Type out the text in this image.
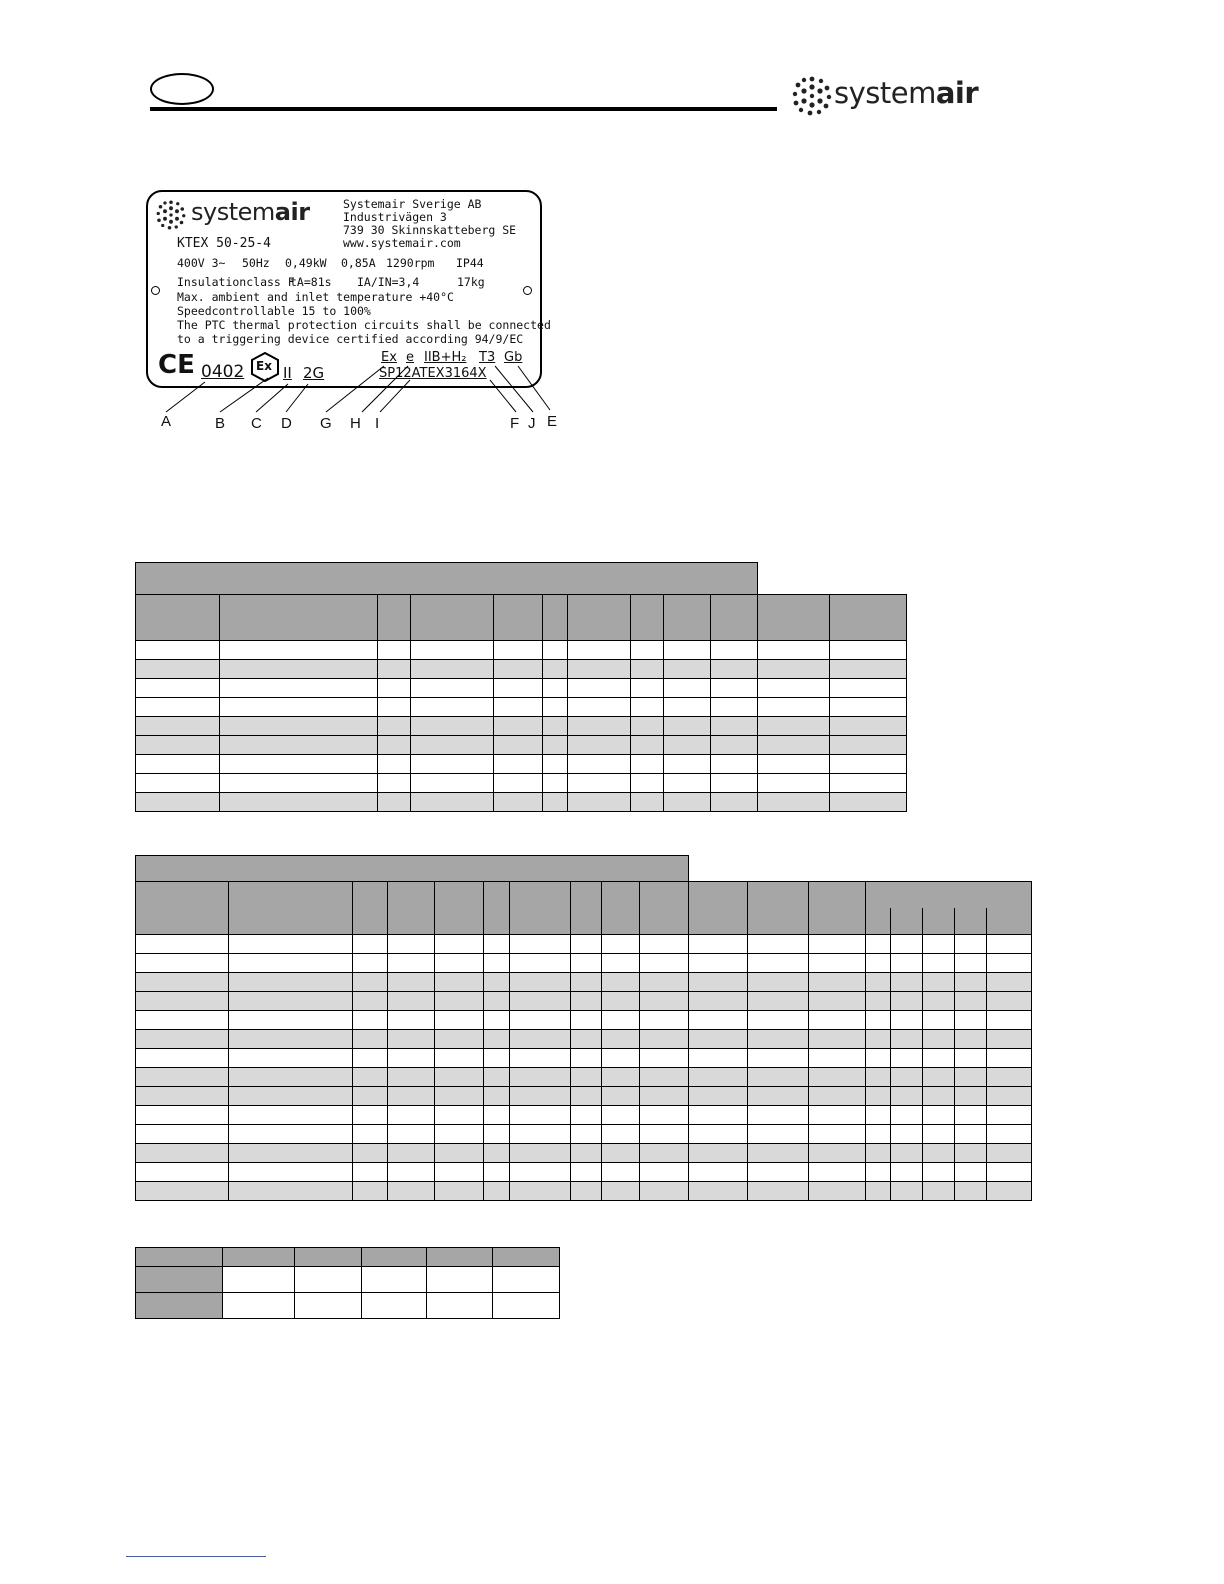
systemair
systemair	Systemair Sverige AB
Industrivägen 3
739 30 Skinnskatteberg SE
www.systemair.com
KTEX 50-25-4
400V 3~ 50Hz 0,49kW 0,85A 1290rpm IP44
Insulationclass F
tA=81s IA/IN=3,4	17kg
Max. ambient and inlet temperature +40°C
Speedcontrollable 15 to 100%
The PTC thermal protection circuits shall be connected
to a triggering device certified according 94/9/EC
CE 0402 Ex II 2G
Ex e IIB+H₂ T3 Gb
SP12ATEX3164X
A	B C D G H I	F J E
